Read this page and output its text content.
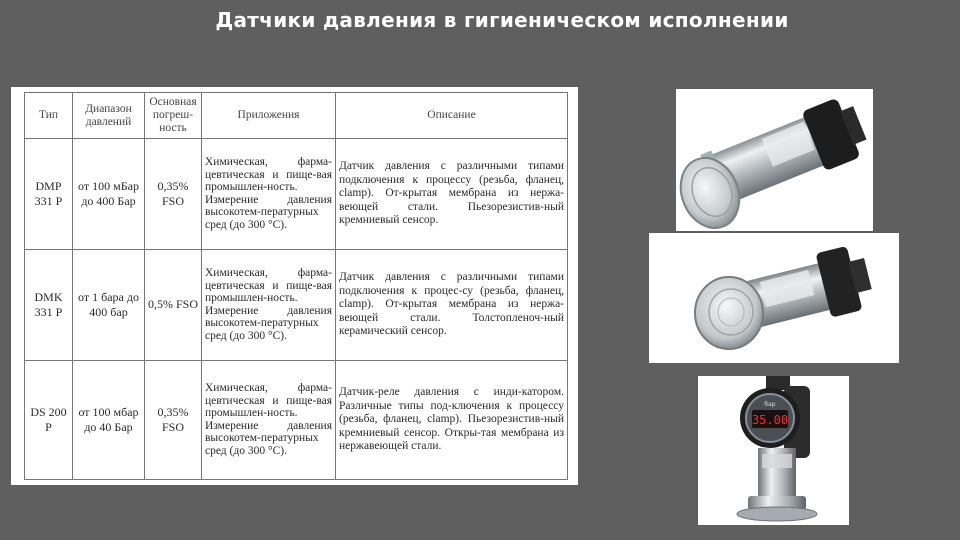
Датчики давления в гигиеническом исполнении
Тип	Диапазон давлений	Основная погреш-ность	Приложения	Описание
DMP 331 P	от 100 мБар до 400 Бар	0,35% FSO	Химическая, фарма-цевтическая и пище-вая промышлен-ность. Измерение давления высокотем-пературных сред (до 300 °С).	Датчик давления с различными типами подключения к процессу (резьба, фланец, clamp). От-крытая мембрана из нержа-веющей стали. Пьезорезистив-ный кремниевый сенсор.
DMK 331 P	от 1 бара до 400 бар	0,5% FSO	Химическая, фарма-цевтическая и пище-вая промышлен-ность. Измерение давления высокотем-пературных сред (до 300 °С).	Датчик давления с различными типами подключения к процес-су (резьба, фланец, clamp). От-крытая мембрана из нержа-веющей стали. Толстопленоч-ный керамический сенсор.
DS 200 P	от 100 мбар до 40 Бар	0,35% FSO	Химическая, фарма-цевтическая и пище-вая промышлен-ность. Измерение давления высокотем-пературных сред (до 300 °С).	Датчик-реле давления с инди-катором. Различные типы под-ключения к процессу (резьба, фланец, clamp). Пьезорезистив-ный кремниевый сенсор. Откры-тая мембрана из нержавеющей стали.
35.00
бар
